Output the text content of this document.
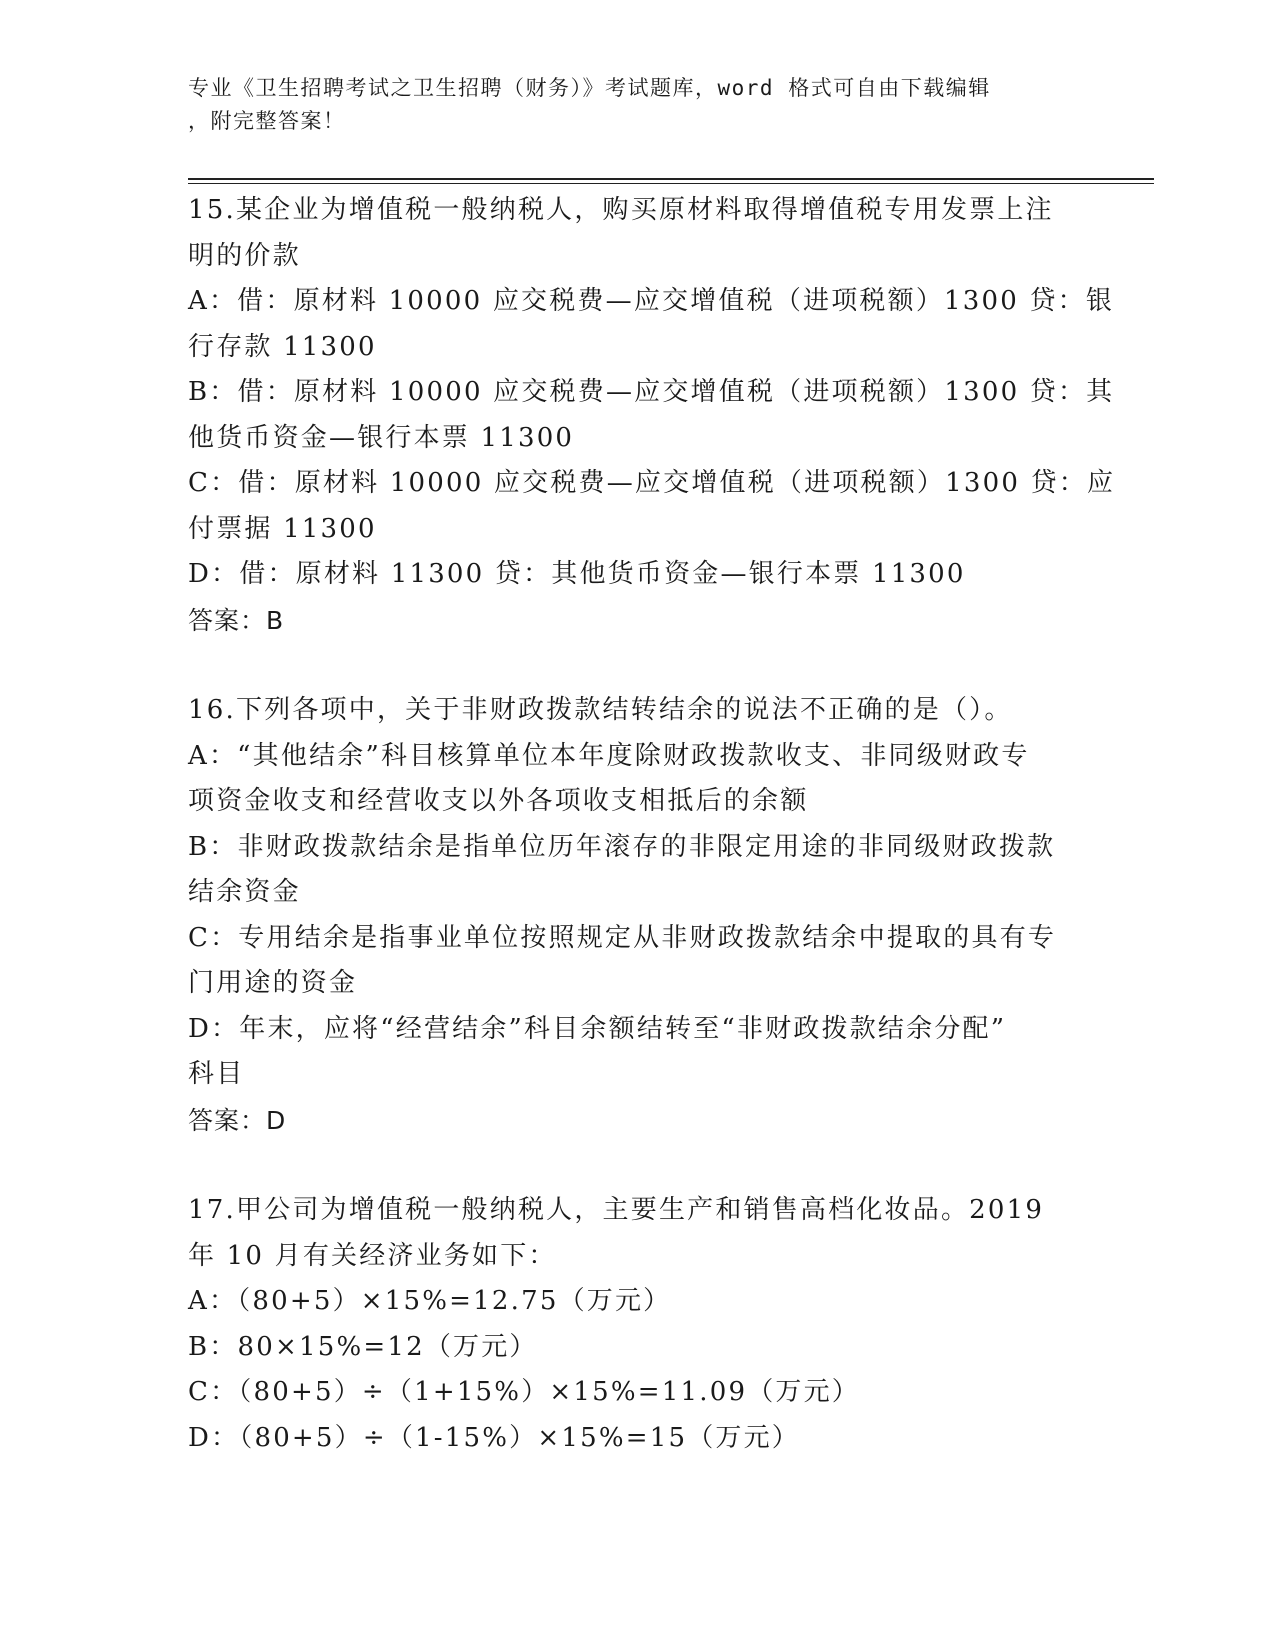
专业《卫生招聘考试之卫生招聘（财务）》考试题库，word 格式可自由下载编辑
，附完整答案！
15.某企业为增值税一般纳税人，购买原材料取得增值税专用发票上注
明的价款
A：借：原材料 10000 应交税费—应交增值税（进项税额）1300 贷：银
行存款 11300
B：借：原材料 10000 应交税费—应交增值税（进项税额）1300 贷：其
他货币资金—银行本票 11300
C：借：原材料 10000 应交税费—应交增值税（进项税额）1300 贷：应
付票据 11300
D：借：原材料 11300 贷：其他货币资金—银行本票 11300
答案：B
16.下列各项中，关于非财政拨款结转结余的说法不正确的是（）。
A：“其他结余”科目核算单位本年度除财政拨款收支、非同级财政专
项资金收支和经营收支以外各项收支相抵后的余额
B：非财政拨款结余是指单位历年滚存的非限定用途的非同级财政拨款
结余资金
C：专用结余是指事业单位按照规定从非财政拨款结余中提取的具有专
门用途的资金
D：年末，应将“经营结余”科目余额结转至“非财政拨款结余分配”
科目
答案：D
17.甲公司为增值税一般纳税人，主要生产和销售高档化妆品。2019
年 10 月有关经济业务如下：
A：（80+5）×15%=12.75（万元）
B：80×15%=12（万元）
C：（80+5）÷（1+15%）×15%=11.09（万元）
D：（80+5）÷（1-15%）×15%=15（万元）
